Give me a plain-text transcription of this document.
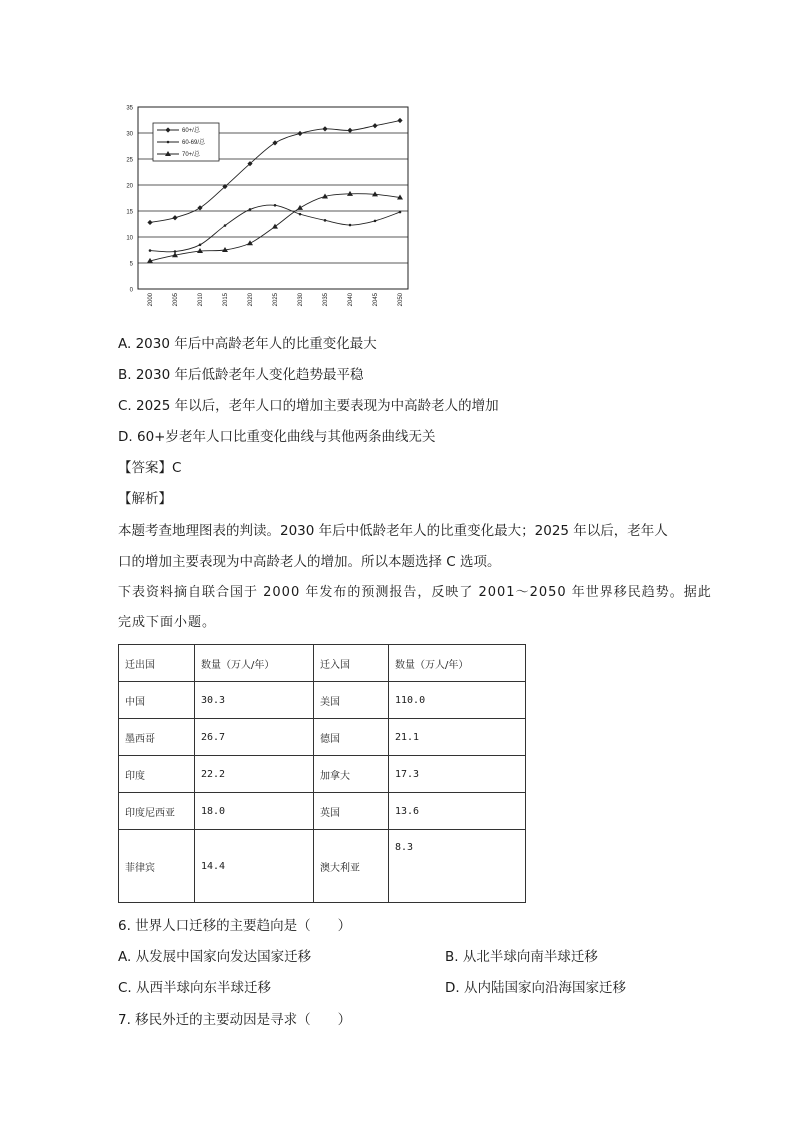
0
5
10
15
20
25
30
35
2000	2005	2010	2015	2020	2025	2030	2035	2040	2045	2050
60+/总
60-69/总
70+/总
A. 2030 年后中高龄老年人的比重变化最大
B. 2030 年后低龄老年人变化趋势最平稳
C. 2025 年以后，老年人口的增加主要表现为中高龄老人的增加
D. 60+岁老年人口比重变化曲线与其他两条曲线无关
【答案】C
【解析】
本题考查地理图表的判读。2030 年后中低龄老年人的比重变化最大；2025 年以后，老年人
口的增加主要表现为中高龄老人的增加。所以本题选择 C 选项。
下表资料摘自联合国于 2000 年发布的预测报告，反映了 2001～2050 年世界移民趋势。据此
完成下面小题。
迁出国	数量（万人/年）	迁入国	数量（万人/年）
中国	30.3	美国	110.0
墨西哥	26.7	德国	21.1
印度	22.2	加拿大	17.3
印度尼西亚	18.0	英国	13.6
菲律宾	14.4	澳大利亚	8.3
6. 世界人口迁移的主要趋向是（　　）
A. 从发展中国家向发达国家迁移	B. 从北半球向南半球迁移
C. 从西半球向东半球迁移	D. 从内陆国家向沿海国家迁移
7. 移民外迁的主要动因是寻求（　　）
